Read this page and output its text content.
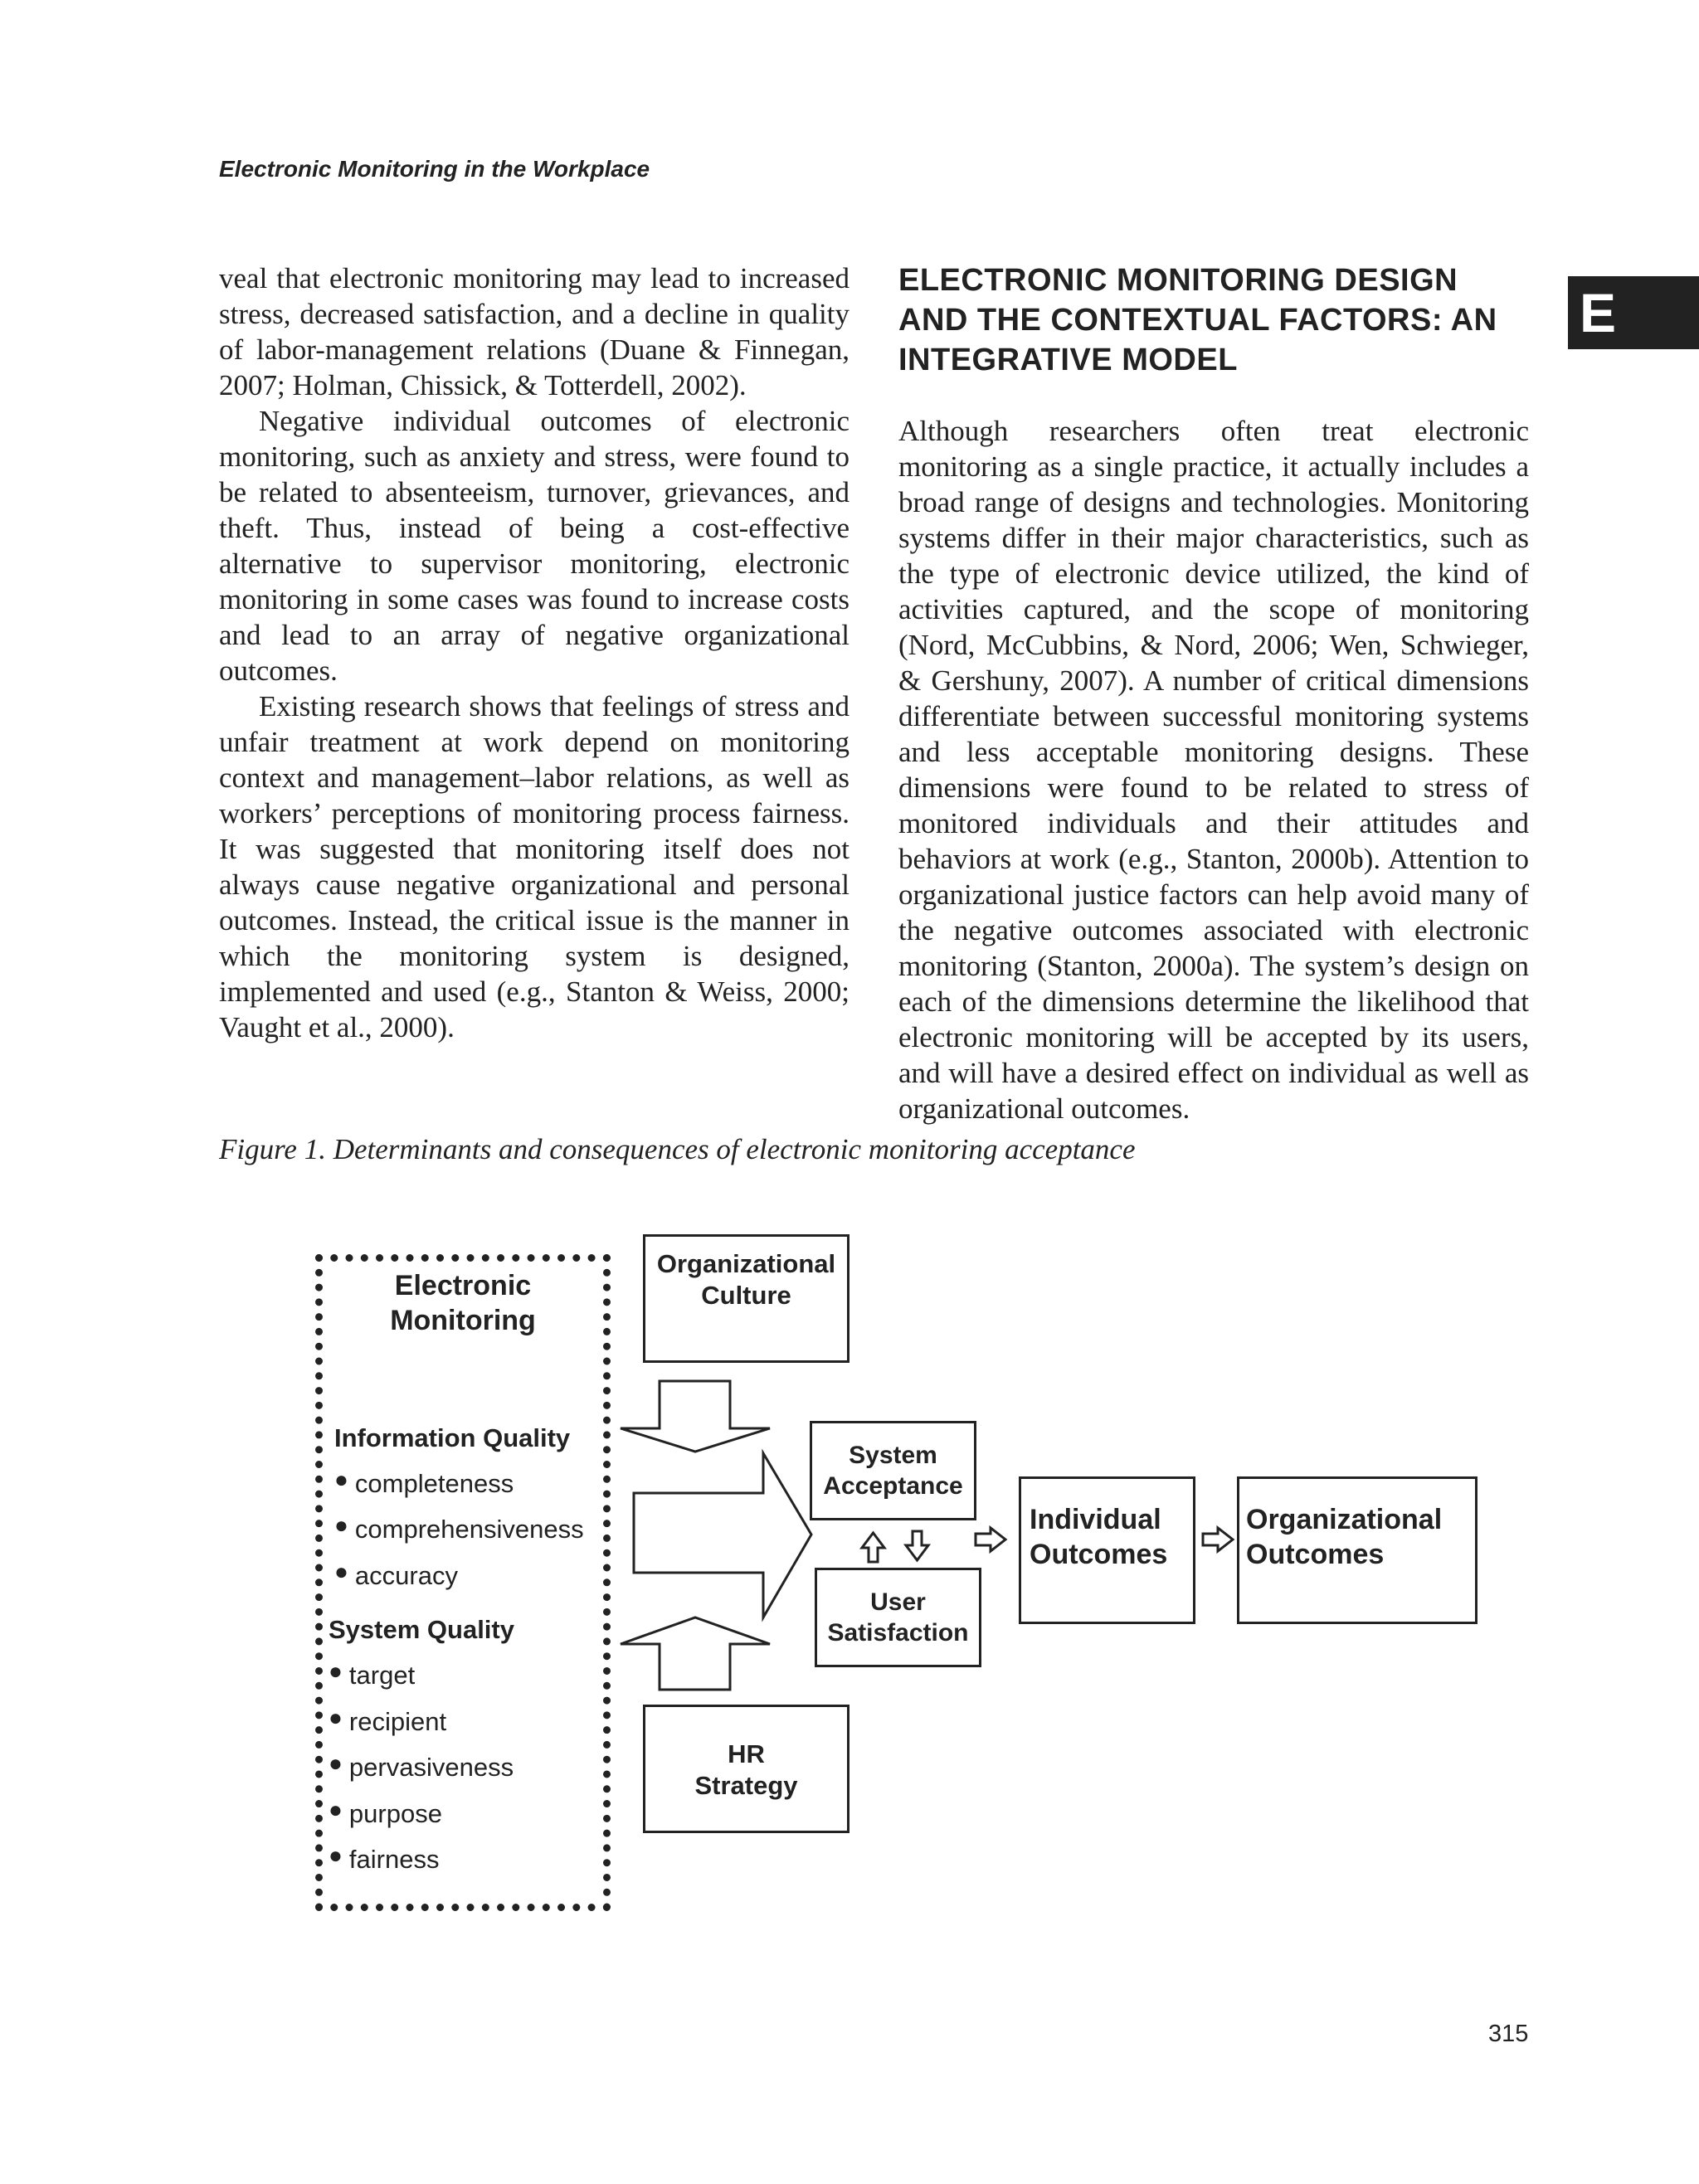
Electronic Monitoring in the Workplace
E

veal that electronic monitoring may lead to increased stress, decreased satisfaction, and a decline in quality of labor-management relations (Duane & Finnegan, 2007; Holman, Chissick, & Totterdell, 2002).

Negative individual outcomes of electronic monitoring, such as anxiety and stress, were found to be related to absenteeism, turnover, grievances, and theft. Thus, instead of being a cost-effective alternative to supervisor monitoring, electronic monitoring in some cases was found to increase costs and lead to an array of negative organizational outcomes.

Existing research shows that feelings of stress and unfair treatment at work depend on monitoring context and management–labor relations, as well as workers’ perceptions of monitoring process fairness. It was suggested that monitoring itself does not always cause negative organizational and personal outcomes. Instead, the critical issue is the manner in which the monitoring system is designed, implemented and used (e.g., Stanton & Weiss, 2000; Vaught et al., 2000).

ELECTRONIC MONITORING DESIGN AND THE CONTEXTUAL FACTORS: AN INTEGRATIVE MODEL

Although researchers often treat electronic monitoring as a single practice, it actually includes a broad range of designs and technologies. Monitoring systems differ in their major characteristics, such as the type of electronic device utilized, the kind of activities captured, and the scope of monitoring (Nord, McCubbins, & Nord, 2006; Wen, Schwieger, & Gershuny, 2007). A number of critical dimensions differentiate between successful monitoring systems and less acceptable monitoring designs. These dimensions were found to be related to stress of monitored individuals and their attitudes and behaviors at work (e.g., Stanton, 2000b). Attention to organizational justice factors can help avoid many of the negative outcomes associated with electronic monitoring (Stanton, 2000a). The system’s design on each of the dimensions determine the likelihood that electronic monitoring will be accepted by its users, and will have a desired effect on individual as well as organizational outcomes.

Figure 1. Determinants and consequences of electronic monitoring acceptance
Electronic
Monitoring
Information Quality
● completeness
● comprehensiveness
● accuracy
System Quality
● target
● recipient
● pervasiveness
● purpose
● fairness
Organizational
Culture
HR
Strategy
System
Acceptance
User
Satisfaction
Individual
Outcomes
Organizational
Outcomes
315
